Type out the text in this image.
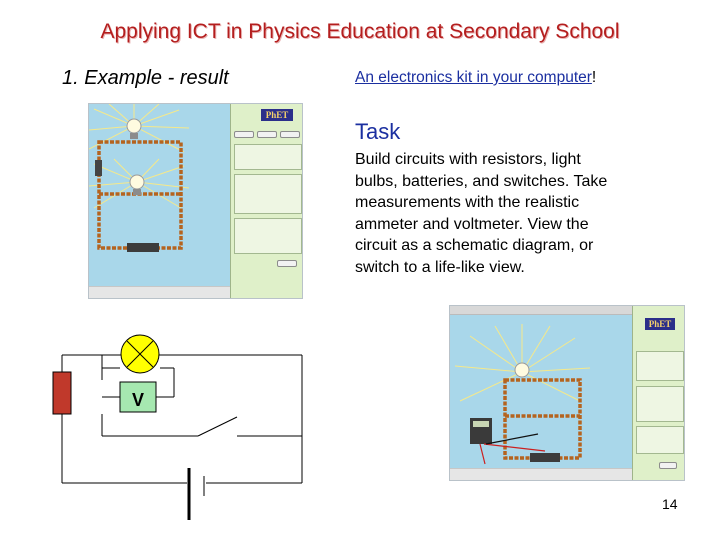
Applying ICT in Physics Education at Secondary School
1. Example - result	An electronics kit in your computer!
Task
Build circuits with resistors, light bulbs, batteries, and switches. Take measurements with the realistic ammeter and voltmeter. View the circuit as a schematic diagram, or switch to a life-like view.
PhET
PhET
V
14
